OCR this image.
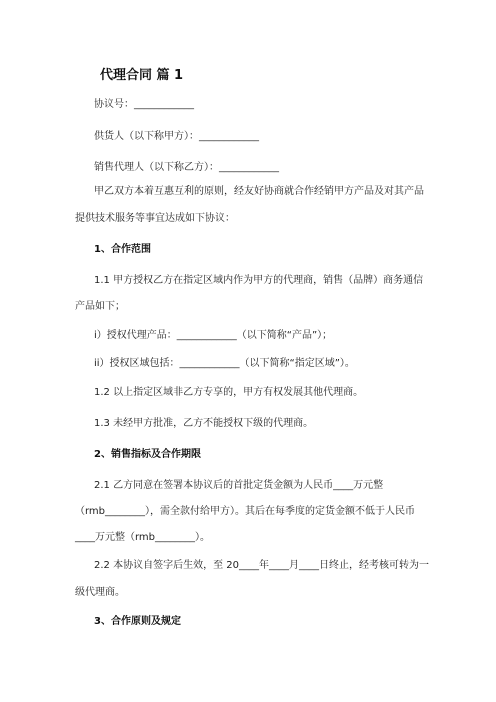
代理合同 篇 1
协议号：____________
供货人（以下称甲方）：____________
销售代理人（以下称乙方）：____________
甲乙双方本着互惠互利的原则，经友好协商就合作经销甲方产品及对其产品
提供技术服务等事宜达成如下协议：
1、合作范围
1.1 甲方授权乙方在指定区域内作为甲方的代理商，销售（品牌）商务通信
产品如下；
i）授权代理产品：____________（以下简称“产品”）；
ii）授权区域包括：____________（以下简称“指定区域”）。
1.2 以上指定区域非乙方专享的，甲方有权发展其他代理商。
1.3 未经甲方批准，乙方不能授权下级的代理商。
2、销售指标及合作期限
2.1 乙方同意在签署本协议后的首批定货金额为人民币____万元整
（rmb________），需全款付给甲方）。其后在每季度的定货金额不低于人民币
____万元整（rmb________）。
2.2 本协议自签字后生效，至 20____年____月____日终止，经考核可转为一
级代理商。
3、合作原则及规定
